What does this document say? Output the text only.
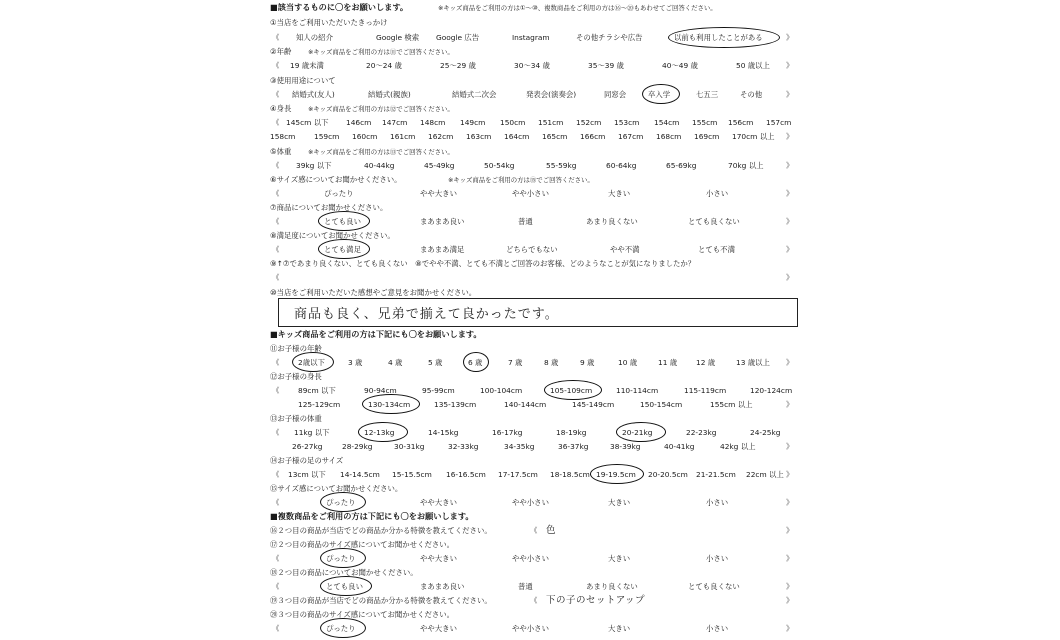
■該当するものに〇をお願いします。	※キッズ商品をご利用の方は①〜⑩、複数商品をご利用の方は⑯〜⑳もあわせてご回答ください。
①当店をご利用いただいたきっかけ
《 知人の紹介	Google 検索 Google 広告	Instagram	その他チラシや広告	以前も利用したことがある	》
②年齢	※キッズ商品をご利用の方は⑪でご回答ください。
《 19 歳未満	20〜24 歳	25〜29 歳	30〜34 歳	35〜39 歳	40〜49 歳	50 歳以上 》
③使用用途について
《 結婚式(友人)	結婚式(親族)	結婚式二次会	発表会(演奏会)	同窓会	卒入学	七五三	その他	》
④身長	※キッズ商品をご利用の方は⑫でご回答ください。
《 145cm 以下 146cm 147cm 148cm 149cm 150cm 151cm 152cm 153cm 154cm 155cm 156cm 157cm
158cm	159cm 160cm 161cm 162cm 163cm 164cm 165cm 166cm 167cm 168cm 169cm 170cm 以上 》
⑤体重	※キッズ商品をご利用の方は⑬でご回答ください。
《 39kg 以下	40-44kg	45-49kg	50-54kg	55-59kg	60-64kg	65-69kg	70kg 以上	》
⑥サイズ感についてお聞かせください。	※キッズ商品をご利用の方は⑮でご回答ください。
《	ぴったり	やや大きい	やや小さい	大きい	小さい	》
⑦商品についてお聞かせください。
《	とても良い	まあまあ良い	普通	あまり良くない	とても良くない	》
⑧満足度についてお聞かせください。
《	とても満足	まあまあ満足	どちらでもない	やや不満	とても不満	》
⑨↑⑦であまり良くない、とても良くない　⑧でやや不満、とても不満とご回答のお客様、どのようなことが気になりましたか？
《	》
⑩当店をご利用いただいた感想やご意見をお聞かせください。
商品も良く、兄弟で揃えて良かったです。
■キッズ商品をご利用の方は下記にも〇をお願いします。
⑪お子様の年齢
《	2歳以下	3 歳	4 歳	5 歳	6 歳	7 歳	8 歳	9 歳	10 歳	11 歳	12 歳	13 歳以上 》
⑫お子様の身長
《	89cm 以下	90-94cm	95-99cm	100-104cm	105-109cm	110-114cm	115-119cm	120-124cm
125-129cm	130-134cm	135-139cm	140-144cm	145-149cm	150-154cm	155cm 以上	》
⑬お子様の体重
《 11kg 以下	12-13kg	14-15kg	16-17kg	18-19kg	20-21kg	22-23kg	24-25kg
26-27kg	28-29kg	30-31kg	32-33kg	34-35kg	36-37kg	38-39kg	40-41kg	42kg 以上	》
⑭お子様の足のサイズ
《 13cm 以下 14-14.5cm 15-15.5cm 16-16.5cm 17-17.5cm 18-18.5cm 19-19.5cm 20-20.5cm 21-21.5cm 22cm 以上 》
⑮サイズ感についてお聞かせください。
《	ぴったり	やや大きい	やや小さい	大きい	小さい	》
■複数商品をご利用の方は下記にも〇をお願いします。
⑯２つ目の商品が当店でどの商品か分かる特徴を教えてください。	《 色	》
⑰２つ目の商品のサイズ感についてお聞かせください。
《	ぴったり	やや大きい	やや小さい	大きい	小さい	》
⑱２つ目の商品についてお聞かせください。
《	とても良い	まあまあ良い	普通	あまり良くない	とても良くない	》
⑲３つ目の商品が当店でどの商品か分かる特徴を教えてください。	《 下の子のセットアップ	》
⑳３つ目の商品のサイズ感についてお聞かせください。
《	ぴったり	やや大きい	やや小さい	大きい	小さい	》
